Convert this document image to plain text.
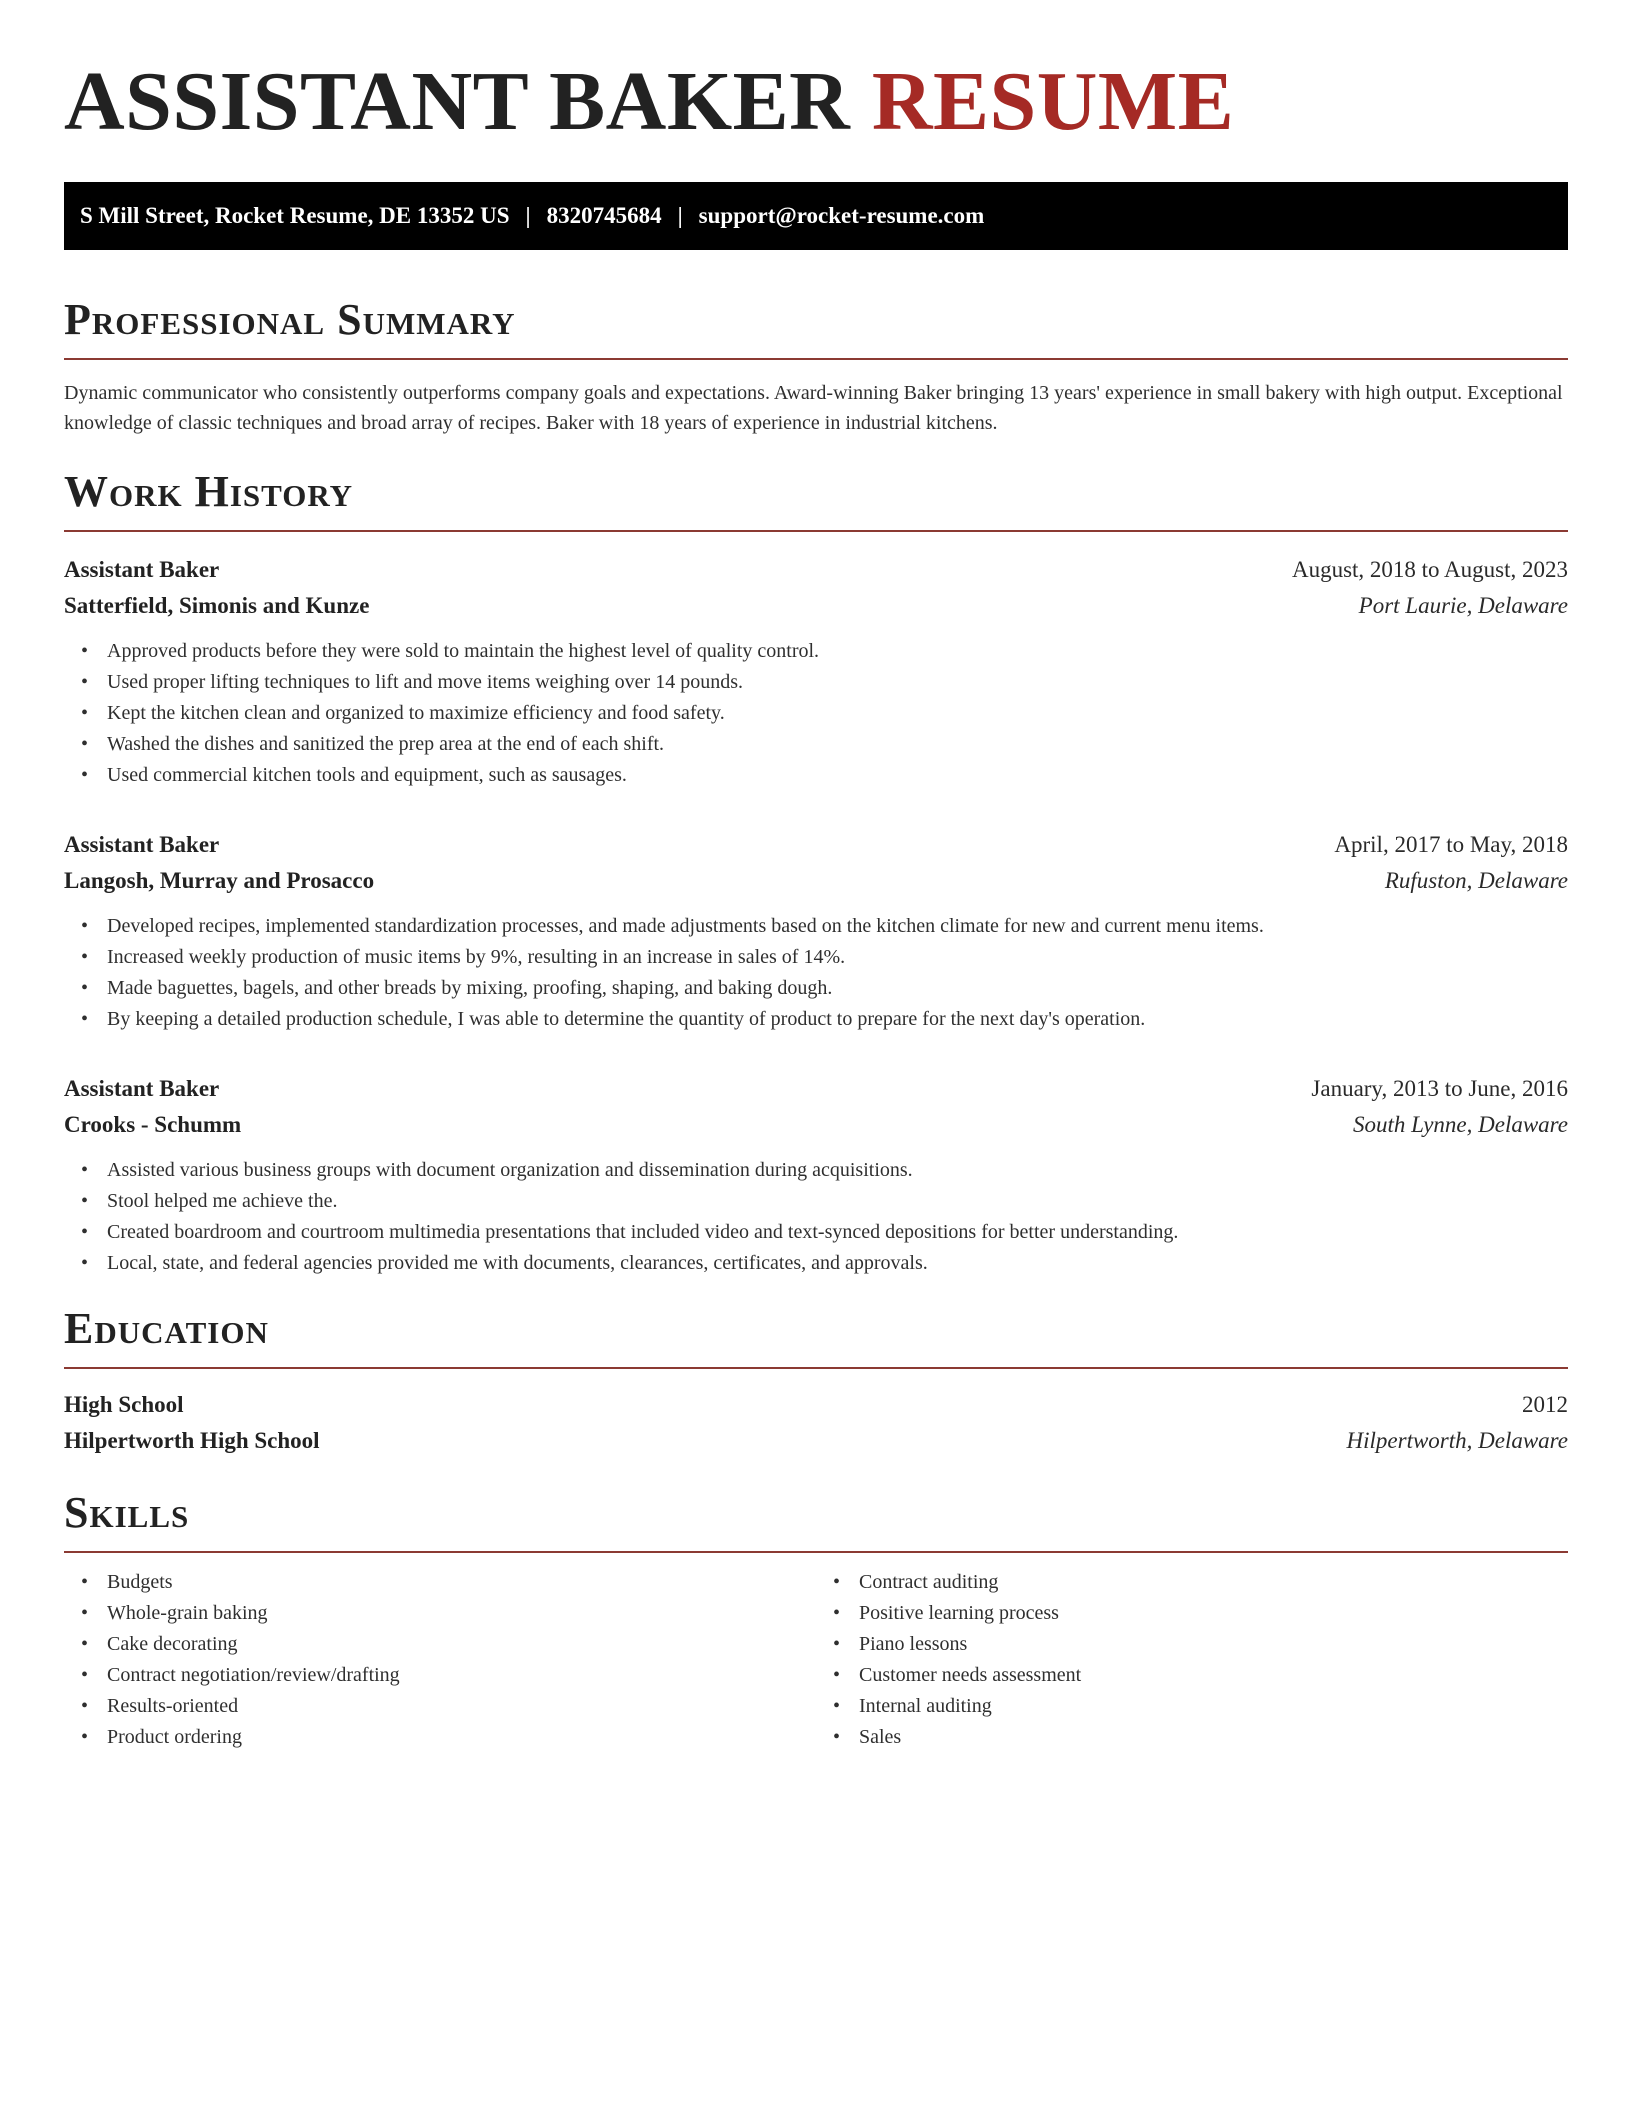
ASSISTANT BAKER RESUME
S Mill Street, Rocket Resume, DE 13352 US | 8320745684 | support@rocket-resume.com
Professional Summary

Dynamic communicator who consistently outperforms company goals and expectations. Award-winning Baker bringing 13 years' experience in small bakery with high output. Exceptional knowledge of classic techniques and broad array of recipes. Baker with 18 years of experience in industrial kitchens.

Work History
Assistant Baker	August, 2018 to August, 2023
Satterfield, Simonis and Kunze	Port Laurie, Delaware
• Approved products before they were sold to maintain the highest level of quality control.
• Used proper lifting techniques to lift and move items weighing over 14 pounds.
• Kept the kitchen clean and organized to maximize efficiency and food safety.
• Washed the dishes and sanitized the prep area at the end of each shift.
• Used commercial kitchen tools and equipment, such as sausages.
Assistant Baker	April, 2017 to May, 2018
Langosh, Murray and Prosacco	Rufuston, Delaware
• Developed recipes, implemented standardization processes, and made adjustments based on the kitchen climate for new and current menu items.
• Increased weekly production of music items by 9%, resulting in an increase in sales of 14%.
• Made baguettes, bagels, and other breads by mixing, proofing, shaping, and baking dough.
• By keeping a detailed production schedule, I was able to determine the quantity of product to prepare for the next day's operation.
Assistant Baker	January, 2013 to June, 2016
Crooks - Schumm	South Lynne, Delaware
• Assisted various business groups with document organization and dissemination during acquisitions.
• Stool helped me achieve the.
• Created boardroom and courtroom multimedia presentations that included video and text-synced depositions for better understanding.
• Local, state, and federal agencies provided me with documents, clearances, certificates, and approvals.
Education
High School	2012
Hilpertworth High School	Hilpertworth, Delaware
Skills
• Budgets
• Whole-grain baking
• Cake decorating
• Contract negotiation/review/drafting
• Results-oriented
• Product ordering
• Contract auditing
• Positive learning process
• Piano lessons
• Customer needs assessment
• Internal auditing
• Sales
